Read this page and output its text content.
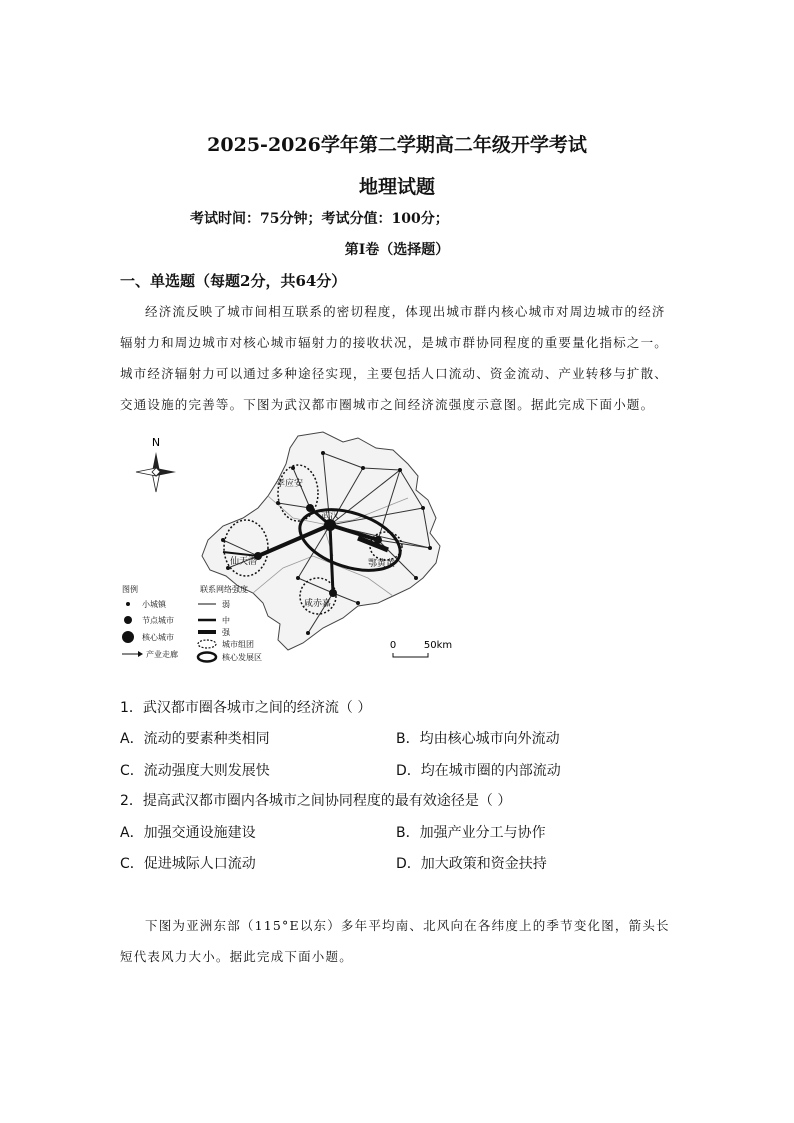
2025-2026学年第二学期高二年级开学考试
地理试题
考试时间：75分钟；考试分值：100分；
第Ⅰ卷（选择题）
一、单选题（每题2分，共64分）
经济流反映了城市间相互联系的密切程度，体现出城市群内核心城市对周边城市的经济辐射力和周边城市对核心城市辐射力的接收状况，是城市群协同程度的重要量化指标之一。城市经济辐射力可以通过多种途径实现，主要包括人口流动、资金流动、产业转移与扩散、交通设施的完善等。下图为武汉都市圈城市之间经济流强度示意图。据此完成下面小题。
N
孝应安
武汉
仙天潜	鄂黄黄
咸赤嘉
图例	联系网络强度
小城镇
节点城市
核心城市
产业走廊
弱
中
强
城市组团
核心发展区
0	50km
1．武汉都市圈各城市之间的经济流（ ）
A．流动的要素种类相同	B．均由核心城市向外流动
C．流动强度大则发展快	D．均在城市圈的内部流动
2．提高武汉都市圈内各城市之间协同程度的最有效途径是（ ）
A．加强交通设施建设	B．加强产业分工与协作
C．促进城际人口流动	D．加大政策和资金扶持
下图为亚洲东部（115°E以东）多年平均南、北风向在各纬度上的季节变化图，箭头长短代表风力大小。据此完成下面小题。
